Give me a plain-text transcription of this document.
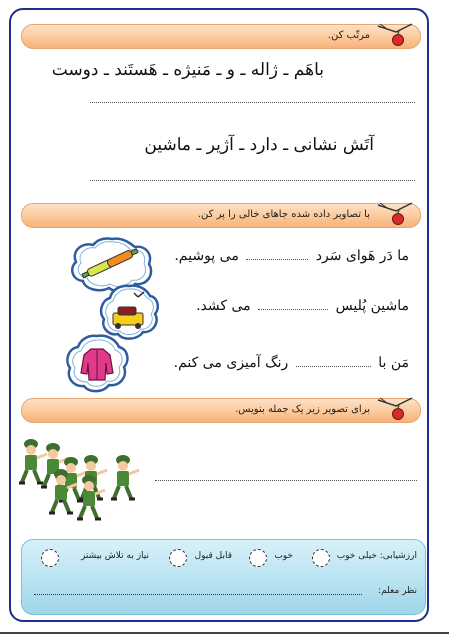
مرتّب کن.
باهَم ـ ژاله ـ و ـ مَنیژه ـ هَستَند ـ دوست
آتَش نشانی ـ دارد ـ آژیر ـ ماشین
با تصاویر داده شده جاهای خالی را پر کن.
ما دَر هَوای سَرد  می پوشیم.
ماشین پُلیس  می کشد.
مَن با  رنگ آمیزی می کنم.
برای تصویر زیر یک جمله بنویس.
ارزشیابی:
خیلی خوب
خوب
قابل قبول
نیاز به تلاش بیشتر
نظر معلم:
